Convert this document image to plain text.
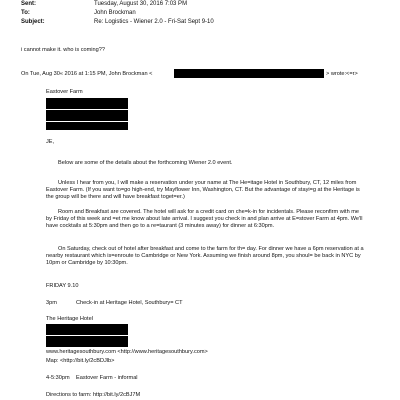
Sent:	Tuesday, August 30, 2016 7:03 PM
To:	John Brockman
Subject:	Re: Logistics - Wiener 2.0 - Fri-Sat Sept 9-10
i cannot make it. who is coming??
On Tue, Aug 30« 2016 at 1:15 PM, John Brockman <	> wrote:<=r>
Eastover Farm
JE,
Below are some of the details about the forthcoming Wiener 2.0 event.
Unless I hear from you, I will make a reservation under your name at The He=itage Hotel in Southbury, CT, 12 miles from Eastover Farm. (If you want to=go high-end, try Mayflower Inn, Washington, CT. But the advantage of stayi=g at the Heritage is the group will be there and will have breakfast toget=er.)
Room and Breakfast are covered. The hotel will ask for a credit card on che=k-in for incidentals. Please reconfirm with me by Friday of this week and =et me know about late arrival. I suggest you check in and plan arrive at E=stover Farm at 4pm. We'll have cocktails at 5:30pm and then go to a re=taurant (3 minutes away) for dinner at 6:30pm.
On Saturday, check out of hotel after breakfast and come to the farm for th= day. For dinner we have a 6pm reservation at a nearby restaurant which is=enroute to Cambridge or New York. Assuming we finish around 8pm, you shoul= be back in NYC by 10pm or Cambridge by 10:30pm.
FRIDAY 9.10
3pm	Check-in at Heritage Hotel, Southbury= CT
The Heritage Hotel
www.heritagesouthbury.com <http://www.heritagesouthbury.com>
Map: <http://bit.ly/2cBDJlb>
4-5:30pm Eastover Farm - informal
Directions to farm: http://bit.ly/2cBJ7M
